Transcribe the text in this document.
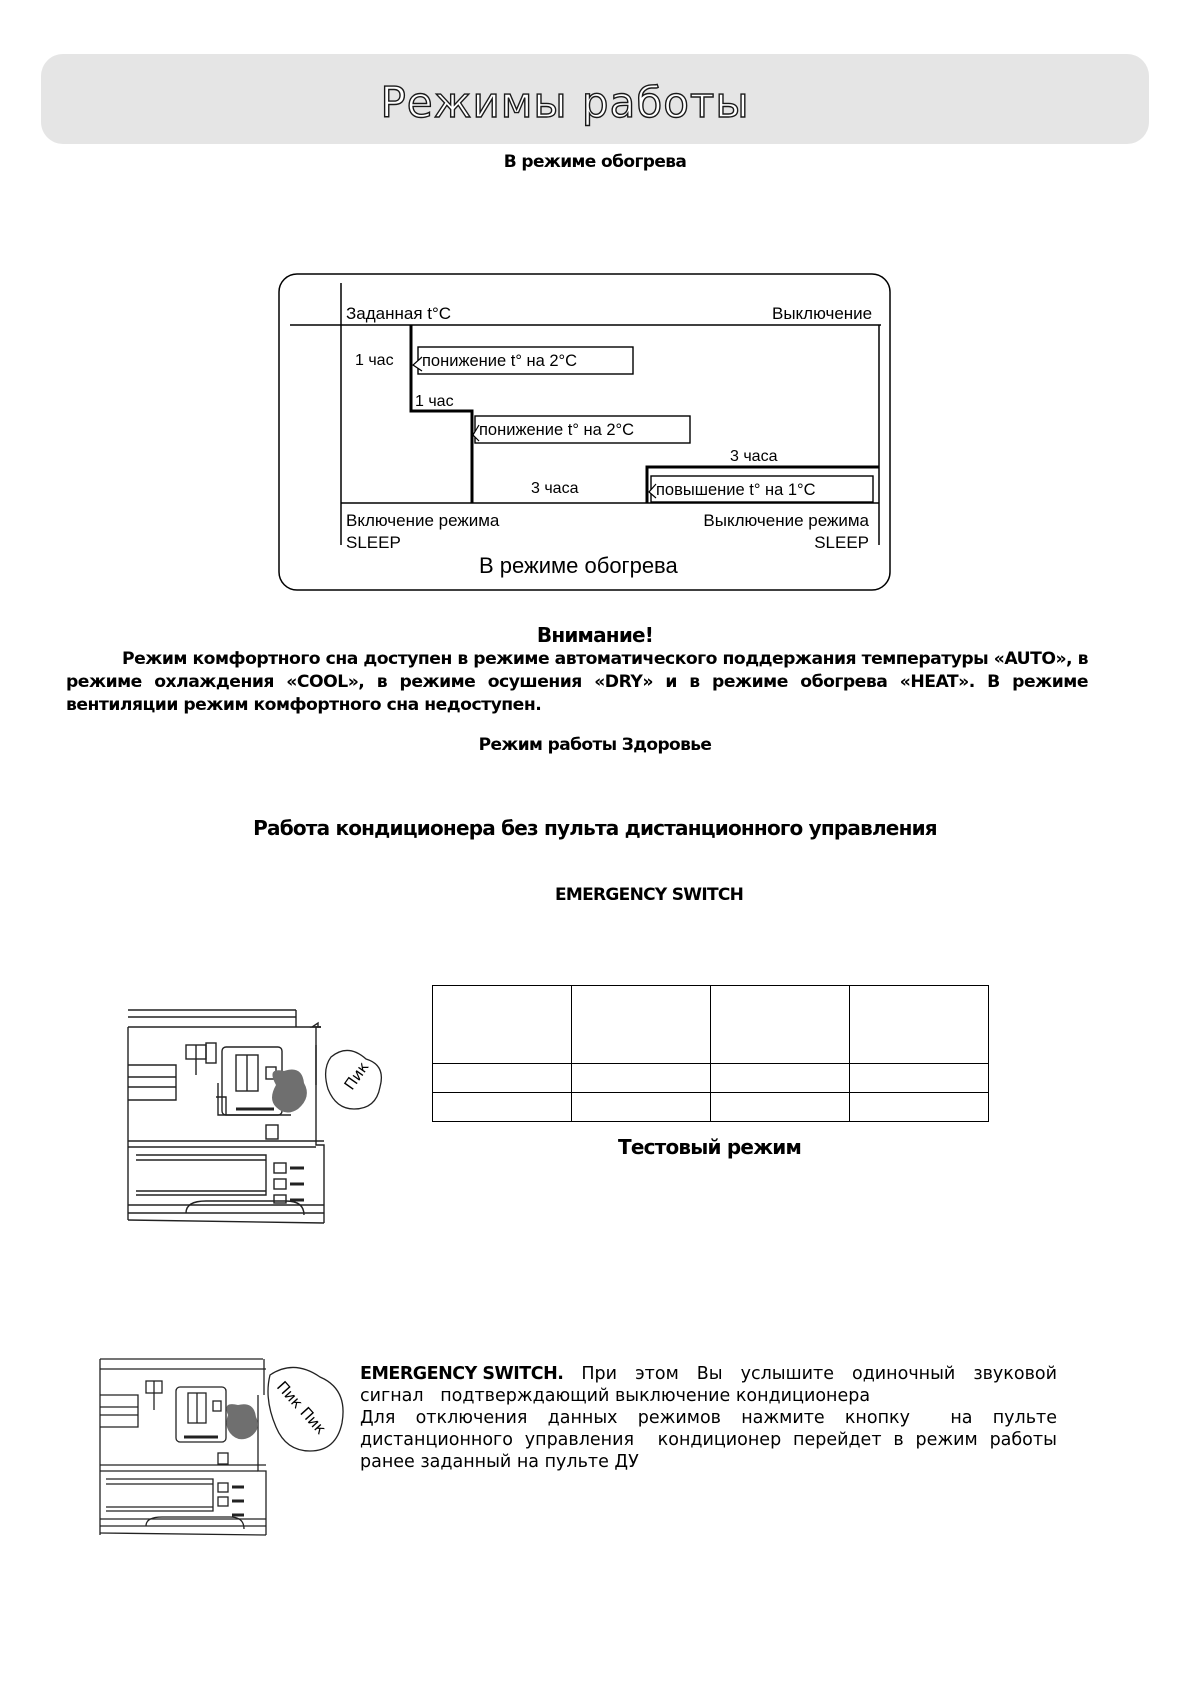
Режимы работы
В режиме обогрева
Заданная t°C	Выключение
1 час понижение t° на 2°C
1 час
понижение t° на 2°C
3 часа
3 часа
повышение t° на 1°C
Включение режима
SLEEP
Выключение режима
SLEEP
В режиме обогрева
Внимание!
Режим комфортного сна доступен в режиме автоматического поддержания температуры «AUTO», в режиме охлаждения «COOL», в режиме осушения «DRY» и в режиме обогрева «HEAT». В режиме вентиляции режим комфортного сна недоступен.
Режим работы Здоровье
Работа кондиционера без пульта дистанционного управления
EMERGENCY SWITCH
Пик

Тестовый режим
Пик Пик
EMERGENCY SWITCH. При этом Вы услышите одиночный звуковой
сигнал   подтверждающий выключение кондиционера
Для отключения данных режимов нажмите кнопку на пульте
дистанционного управления кондиционер перейдет в режим работы
ранее заданный на пульте ДУ
